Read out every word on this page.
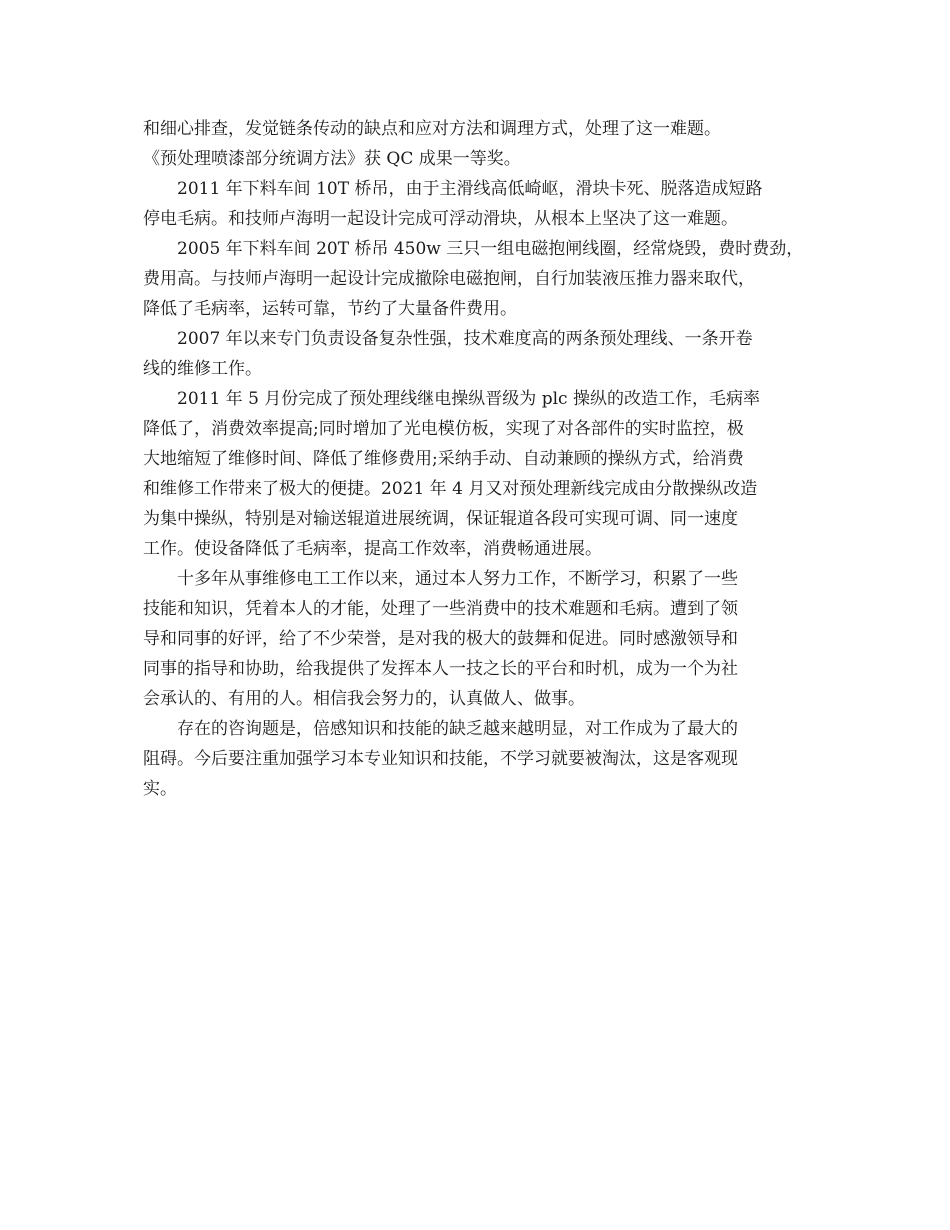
和细心排查，发觉链条传动的缺点和应对方法和调理方式，处理了这一难题。
《预处理喷漆部分统调方法》获 QC 成果一等奖。
2011 年下料车间 10T 桥吊，由于主滑线高低崎岖，滑块卡死、脱落造成短路
停电毛病。和技师卢海明一起设计完成可浮动滑块，从根本上坚决了这一难题。
2005 年下料车间 20T 桥吊 450w 三只一组电磁抱闸线圈，经常烧毁，费时费劲，
费用高。与技师卢海明一起设计完成撤除电磁抱闸，自行加装液压推力器来取代，
降低了毛病率，运转可靠，节约了大量备件费用。
2007 年以来专门负责设备复杂性强，技术难度高的两条预处理线、一条开卷
线的维修工作。
2011 年 5 月份完成了预处理线继电操纵晋级为 plc 操纵的改造工作，毛病率
降低了，消费效率提高;同时增加了光电模仿板，实现了对各部件的实时监控，极
大地缩短了维修时间、降低了维修费用;采纳手动、自动兼顾的操纵方式，给消费
和维修工作带来了极大的便捷。2021 年 4 月又对预处理新线完成由分散操纵改造
为集中操纵，特别是对输送辊道进展统调，保证辊道各段可实现可调、同一速度
工作。使设备降低了毛病率，提高工作效率，消费畅通进展。
十多年从事维修电工工作以来，通过本人努力工作，不断学习，积累了一些
技能和知识，凭着本人的才能，处理了一些消费中的技术难题和毛病。遭到了领
导和同事的好评，给了不少荣誉，是对我的极大的鼓舞和促进。同时感激领导和
同事的指导和协助，给我提供了发挥本人一技之长的平台和时机，成为一个为社
会承认的、有用的人。相信我会努力的，认真做人、做事。
存在的咨询题是，倍感知识和技能的缺乏越来越明显，对工作成为了最大的
阻碍。今后要注重加强学习本专业知识和技能，不学习就要被淘汰，这是客观现
实。
